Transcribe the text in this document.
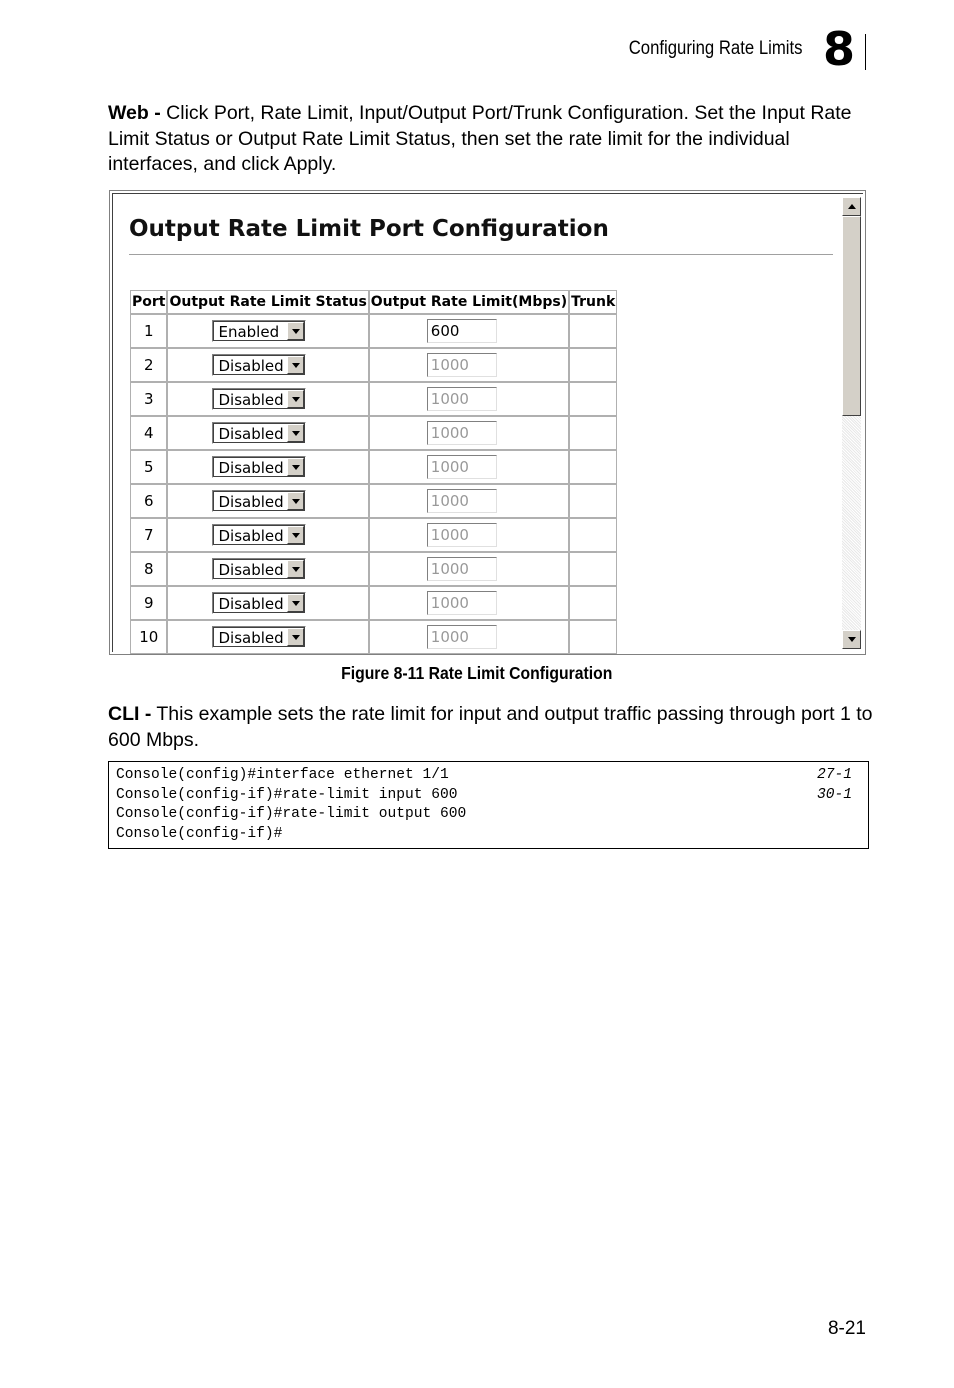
Configuring Rate Limits 8
Web - Click Port, Rate Limit, Input/Output Port/Trunk Configuration. Set the Input Rate Limit Status or Output Rate Limit Status, then set the rate limit for the individual interfaces, and click Apply.
Output Rate Limit Port Configuration
Port	Output Rate Limit Status	Output Rate Limit(Mbps)	Trunk
1	Enabled	600	

2	Disabled	1000	

3	Disabled	1000	

4	Disabled	1000	

5	Disabled	1000	

6	Disabled	1000	

7	Disabled	1000	

8	Disabled	1000	

9	Disabled	1000	

10	Disabled	1000	

Figure 8-11 Rate Limit Configuration
CLI - This example sets the rate limit for input and output traffic passing through port 1 to 600 Mbps.
Console(config)#interface ethernet 1/1	27-1
Console(config-if)#rate-limit input 600	30-1
Console(config-if)#rate-limit output 600
Console(config-if)#
8-21
